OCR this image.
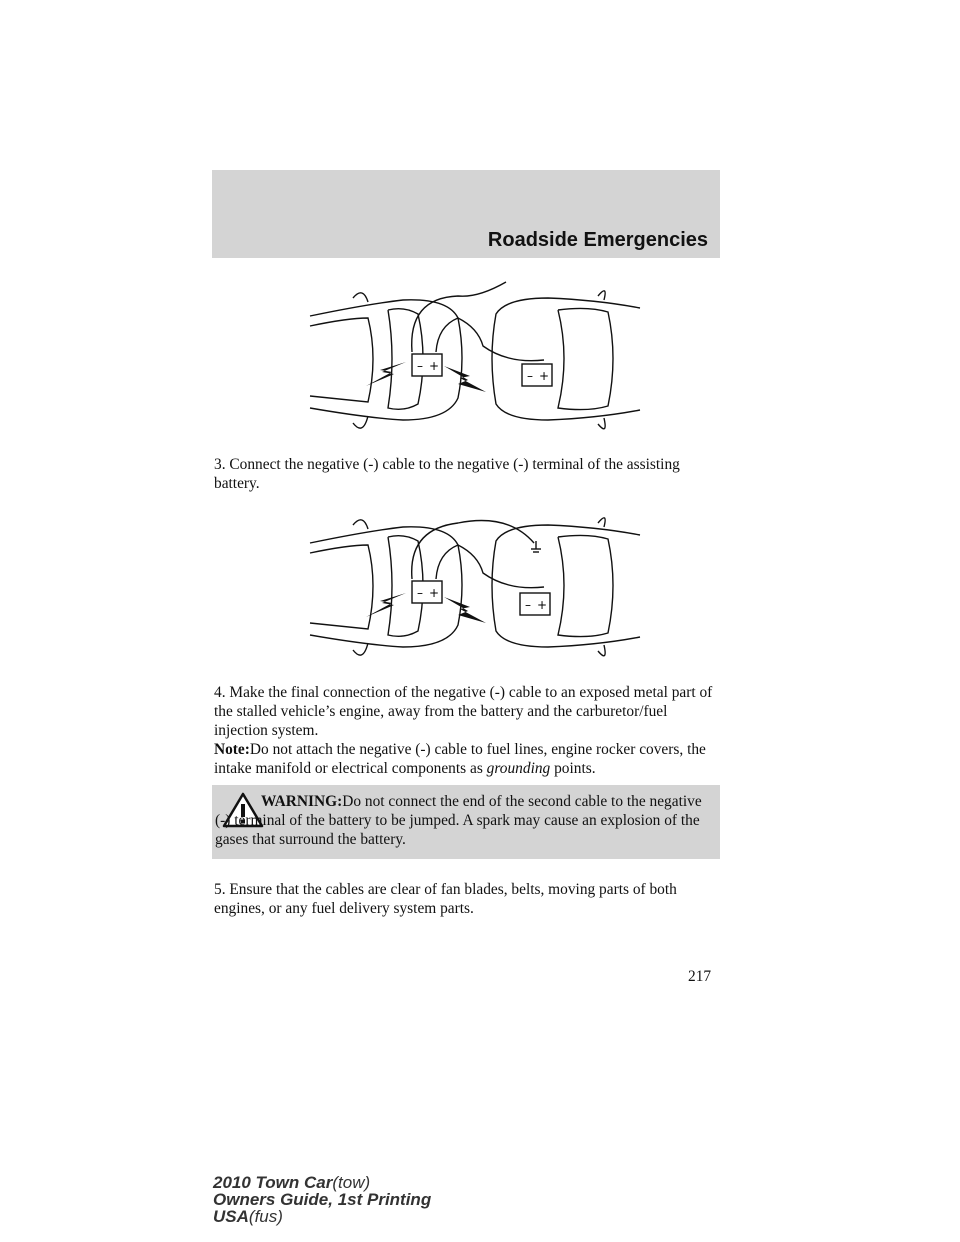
Roadside Emergencies
– +
– +

3. Connect the negative (-) cable to the negative (-) terminal of the assisting battery.

– +
– +

4. Make the final connection of the negative (-) cable to an exposed metal part of the stalled vehicle’s engine, away from the battery and the carburetor/fuel injection system.

Note:Do not attach the negative (-) cable to fuel lines, engine rocker covers, the intake manifold or electrical components as grounding points.

WARNING:Do not connect the end of the second cable to the negative (-) terminal of the battery to be jumped. A spark may cause an explosion of the gases that surround the battery.

5. Ensure that the cables are clear of fan blades, belts, moving parts of both engines, or any fuel delivery system parts.

217
2010 Town Car(tow)
Owners Guide, 1st Printing
USA(fus)
